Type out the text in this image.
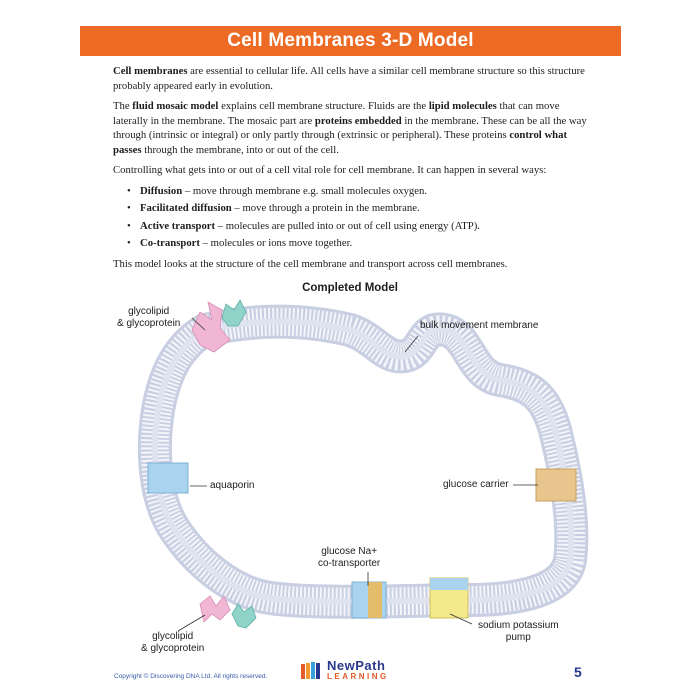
Cell Membranes 3-D Model

Cell membranes are essential to cellular life. All cells have a similar cell membrane structure so this structure probably appeared early in evolution.

The fluid mosaic model explains cell membrane structure. Fluids are the lipid molecules that can move laterally in the membrane. The mosaic part are proteins embedded in the membrane. These can be all the way through (intrinsic or integral) or only partly through (extrinsic or peripheral). These proteins control what passes through the membrane, into or out of the cell.

Controlling what gets into or out of a cell vital role for cell membrane. It can happen in several ways:

• Diffusion – move through membrane e.g. small molecules oxygen.
• Facilitated diffusion – move through a protein in the membrane.
• Active transport – molecules are pulled into or out of cell using energy (ATP).
• Co-transport – molecules or ions move together.

This model looks at the structure of the cell membrane and transport across cell membranes.

Completed Model
glycolipid
& glycoprotein	bulk movement membrane
aquaporin	glucose carrier
glucose Na+
co-transporter
glycolipid
& glycoprotein
sodium potassium
pump
Copyright © Discovering DNA Ltd. All rights reserved.
NewPath
LEARNING	5
